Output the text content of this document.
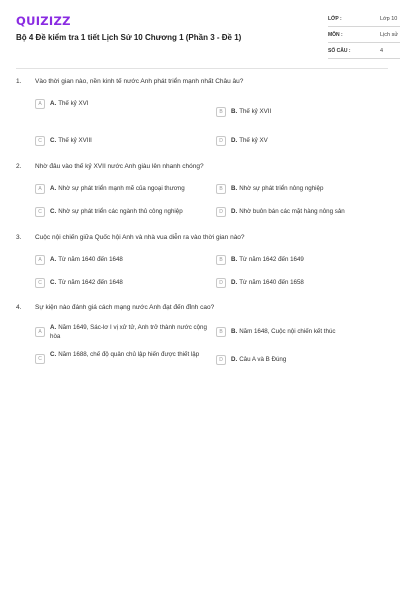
QUIZIZZ
Bộ 4 Đề kiểm tra 1 tiết Lịch Sử 10 Chương 1 (Phần 3 - Đề 1)
LỚP :	Lớp 10
MÔN :	Lịch sử
SỐ CÂU :	4
1. Vào thời gian nào, nền kinh tế nước Anh phát triển mạnh nhất Châu âu?
A	A. Thế kỷ XVI
B	B. Thế kỷ XVII
C	C. Thế kỷ XVIII	D	D. Thế kỷ XV
2. Nhờ đâu vào thế kỷ XVII nước Anh giàu lên nhanh chóng?
A	A. Nhờ sự phát triển mạnh mẽ của ngoại thương	B	B. Nhờ sự phát triển nông nghiệp
C	C. Nhờ sự phát triển các ngành thủ công nghiệp	D	D. Nhờ buôn bán các mặt hàng nông sản
3. Cuộc nội chiến giữa Quốc hội Anh và nhà vua diễn ra vào thời gian nào?
A	A. Từ năm 1640 đến 1648	B	B. Từ năm 1642 đến 1649
C	C. Từ năm 1642 đến 1648	D	D. Từ năm 1640 đến 1658
4. Sự kiện nào đánh giá cách mạng nước Anh đạt đến đỉnh cao?
A
A. Năm 1649, Sác-lơ I vị xử tử, Anh trở thành nước cộng hòa
B	B. Năm 1648, Cuộc nội chiến kết thúc
C
C. Năm 1688, chế độ quân chủ lập hiến được thiết lập
D	D. Câu A và B Đúng
